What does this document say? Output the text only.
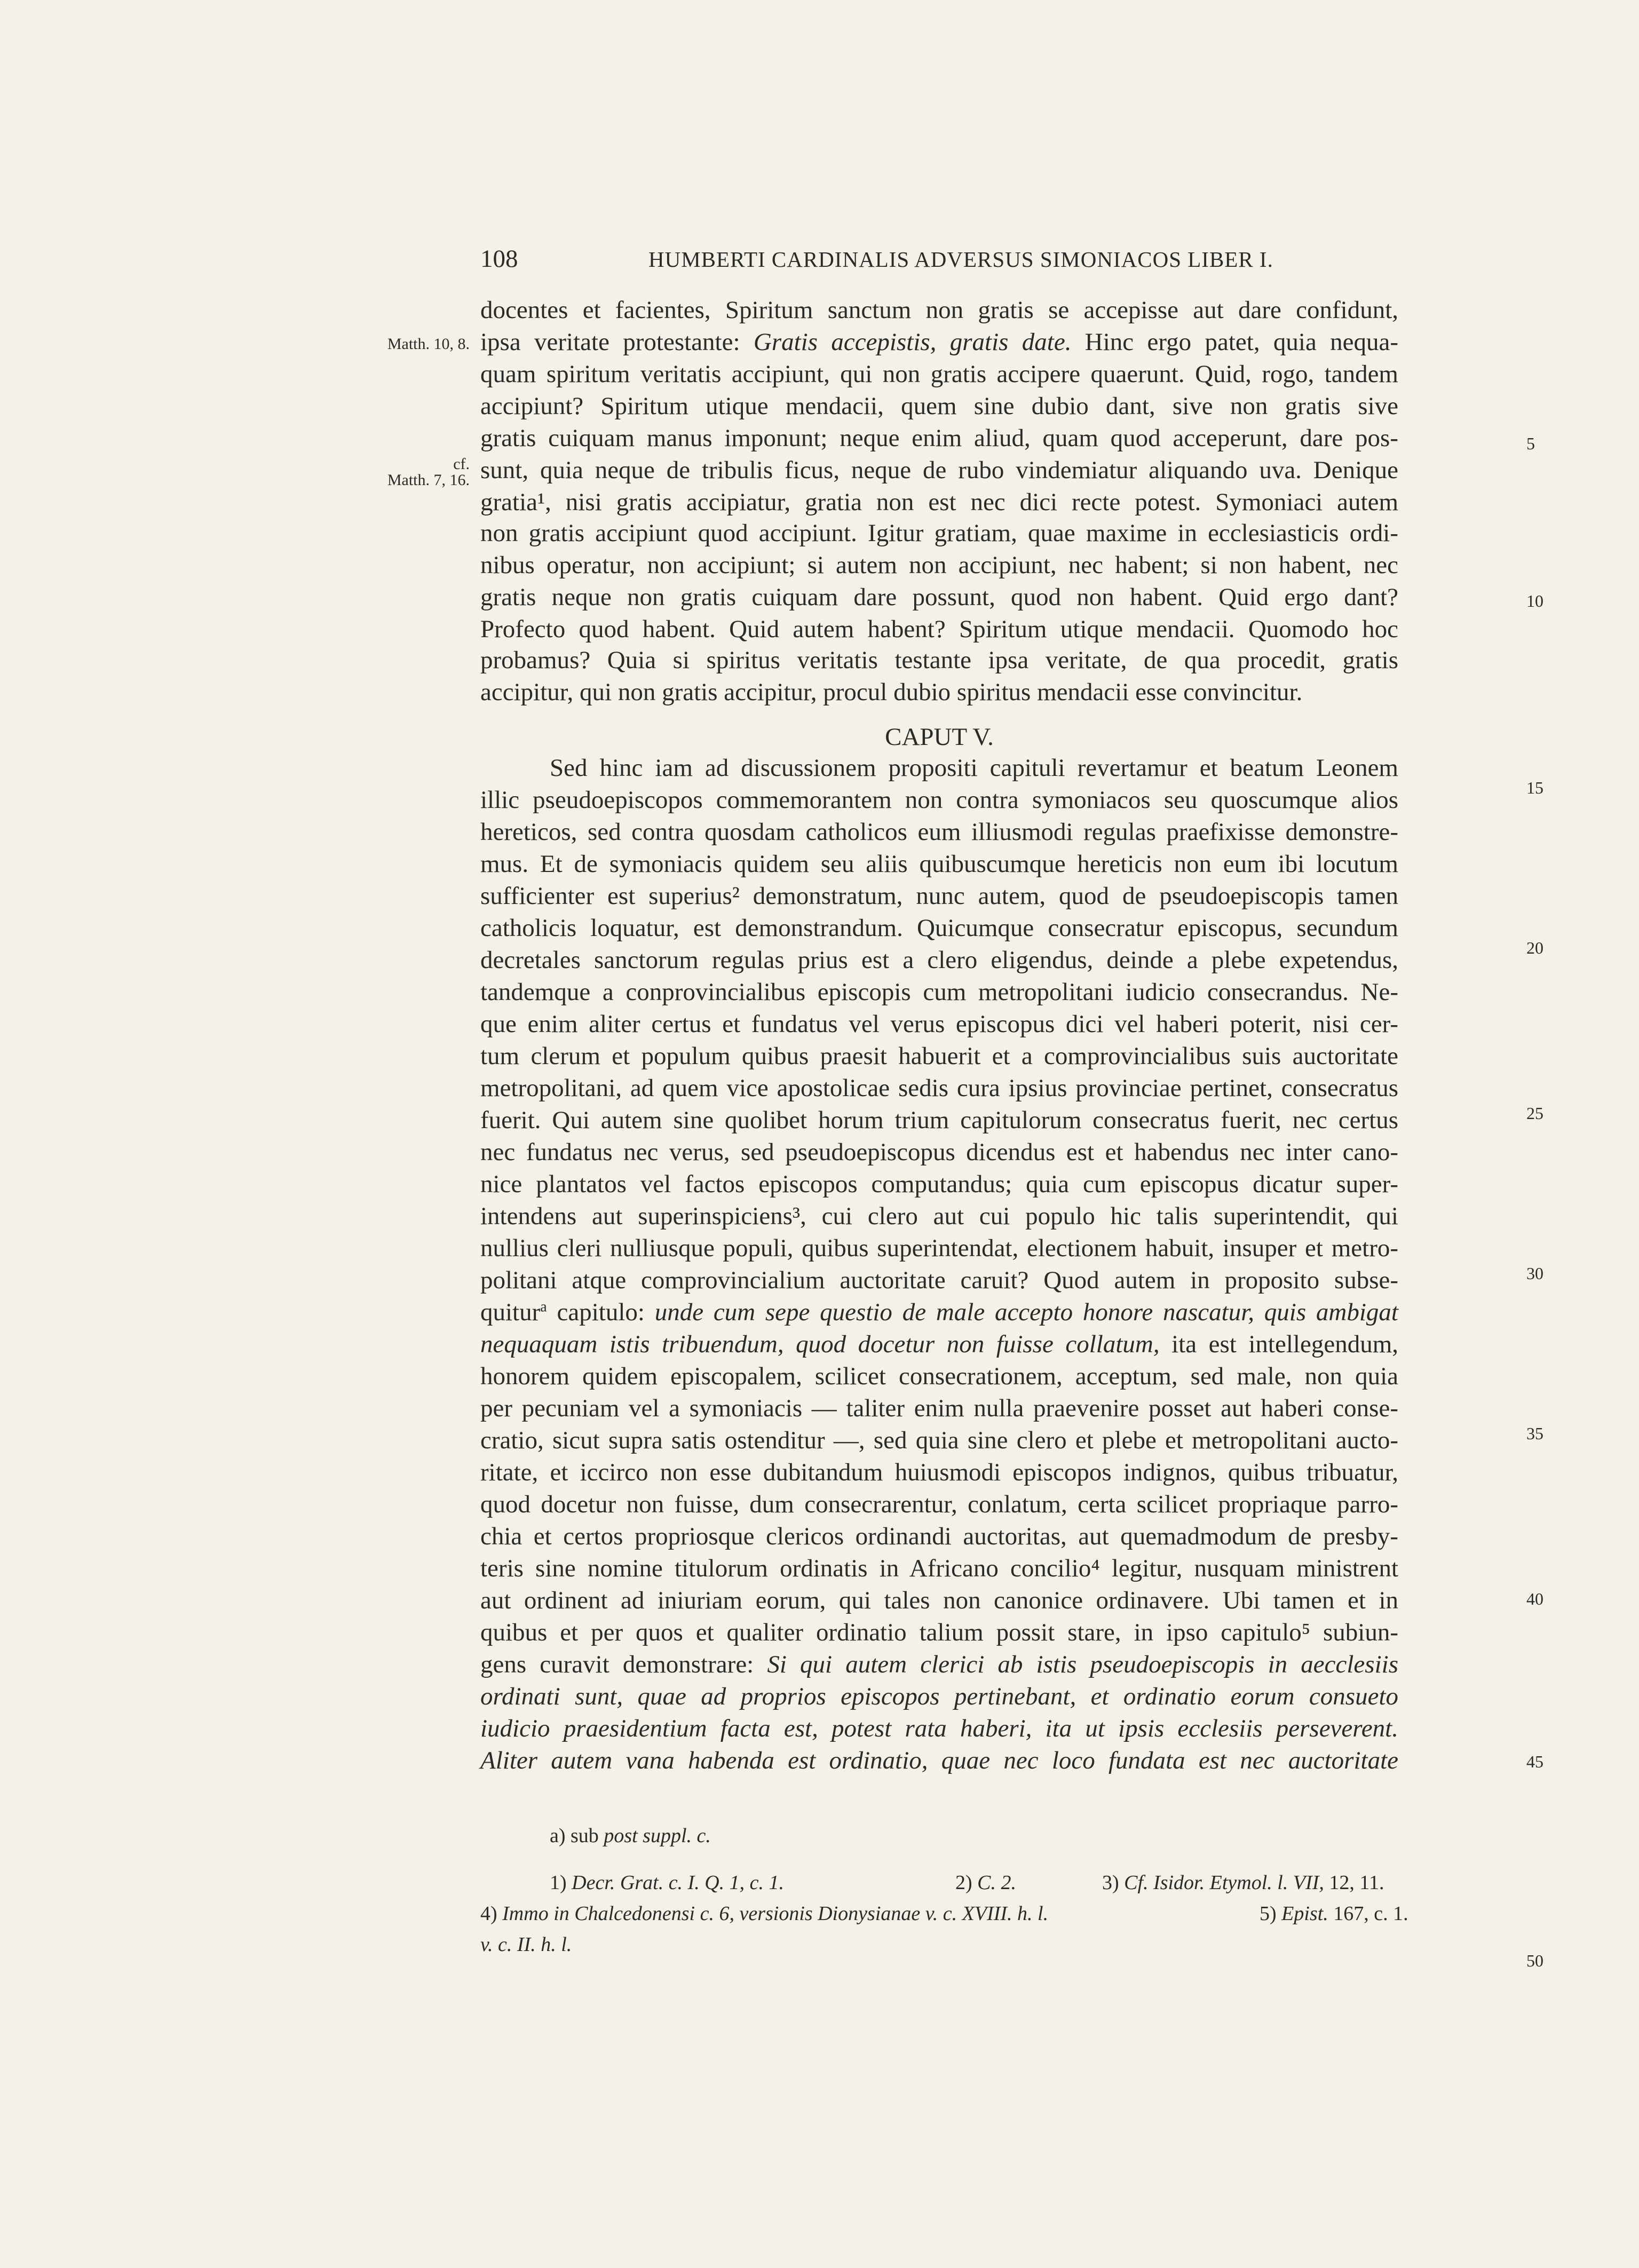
108	HUMBERTI CARDINALIS ADVERSUS SIMONIACOS LIBER I.
Matth. 10, 8.
cf.
Matth. 7, 16.
5
10
15
20
25
30
35
40
45
50
docentes et facientes, Spiritum sanctum non gratis se accepisse aut dare confidunt,
ipsa veritate protestante: Gratis accepistis, gratis date. Hinc ergo patet, quia nequa-
quam spiritum veritatis accipiunt, qui non gratis accipere quaerunt. Quid, rogo, tandem
accipiunt? Spiritum utique mendacii, quem sine dubio dant, sive non gratis sive
gratis cuiquam manus imponunt; neque enim aliud, quam quod acceperunt, dare pos-
sunt, quia neque de tribulis ficus, neque de rubo vindemiatur aliquando uva. Denique
gratia¹, nisi gratis accipiatur, gratia non est nec dici recte potest. Symoniaci autem
non gratis accipiunt quod accipiunt. Igitur gratiam, quae maxime in ecclesiasticis ordi-
nibus operatur, non accipiunt; si autem non accipiunt, nec habent; si non habent, nec
gratis neque non gratis cuiquam dare possunt, quod non habent. Quid ergo dant?
Profecto quod habent. Quid autem habent? Spiritum utique mendacii. Quomodo hoc
probamus? Quia si spiritus veritatis testante ipsa veritate, de qua procedit, gratis
accipitur, qui non gratis accipitur, procul dubio spiritus mendacii esse convincitur.
CAPUT V.
Sed hinc iam ad discussionem propositi capituli revertamur et beatum Leonem
illic pseudoepiscopos commemorantem non contra symoniacos seu quoscumque alios
hereticos, sed contra quosdam catholicos eum illiusmodi regulas praefixisse demonstre-
mus. Et de symoniacis quidem seu aliis quibuscumque hereticis non eum ibi locutum
sufficienter est superius² demonstratum, nunc autem, quod de pseudoepiscopis tamen
catholicis loquatur, est demonstrandum. Quicumque consecratur episcopus, secundum
decretales sanctorum regulas prius est a clero eligendus, deinde a plebe expetendus,
tandemque a conprovincialibus episcopis cum metropolitani iudicio consecrandus. Ne-
que enim aliter certus et fundatus vel verus episcopus dici vel haberi poterit, nisi cer-
tum clerum et populum quibus praesit habuerit et a comprovincialibus suis auctoritate
metropolitani, ad quem vice apostolicae sedis cura ipsius provinciae pertinet, consecratus
fuerit. Qui autem sine quolibet horum trium capitulorum consecratus fuerit, nec certus
nec fundatus nec verus, sed pseudoepiscopus dicendus est et habendus nec inter cano-
nice plantatos vel factos episcopos computandus; quia cum episcopus dicatur super-
intendens aut superinspiciens³, cui clero aut cui populo hic talis superintendit, qui
nullius cleri nulliusque populi, quibus superintendat, electionem habuit, insuper et metro-
politani atque comprovincialium auctoritate caruit? Quod autem in proposito subse-
quitur$^a$ capitulo: unde cum sepe questio de male accepto honore nascatur, quis ambigat
nequaquam istis tribuendum, quod docetur non fuisse collatum, ita est intellegendum,
honorem quidem episcopalem, scilicet consecrationem, acceptum, sed male, non quia
per pecuniam vel a symoniacis — taliter enim nulla praevenire posset aut haberi conse-
cratio, sicut supra satis ostenditur —, sed quia sine clero et plebe et metropolitani aucto-
ritate, et iccirco non esse dubitandum huiusmodi episcopos indignos, quibus tribuatur,
quod docetur non fuisse, dum consecrarentur, conlatum, certa scilicet propriaque parro-
chia et certos propriosque clericos ordinandi auctoritas, aut quemadmodum de presby-
teris sine nomine titulorum ordinatis in Africano concilio⁴ legitur, nusquam ministrent
aut ordinent ad iniuriam eorum, qui tales non canonice ordinavere. Ubi tamen et in
quibus et per quos et qualiter ordinatio talium possit stare, in ipso capitulo⁵ subiun-
gens curavit demonstrare: Si qui autem clerici ab istis pseudoepiscopis in aecclesiis
ordinati sunt, quae ad proprios episcopos pertinebant, et ordinatio eorum consueto
iudicio praesidentium facta est, potest rata haberi, ita ut ipsis ecclesiis perseverent.
Aliter autem vana habenda est ordinatio, quae nec loco fundata est nec auctoritate
a) sub post suppl. c.
1) Decr. Grat. c. I. Q. 1, c. 1.	2) C. 2.	3) Cf. Isidor. Etymol. l. VII, 12, 11.
4) Immo in Chalcedonensi c. 6, versionis Dionysianae v. c. XVIII. h. l.	5) Epist. 167, c. 1.
v. c. II. h. l.
